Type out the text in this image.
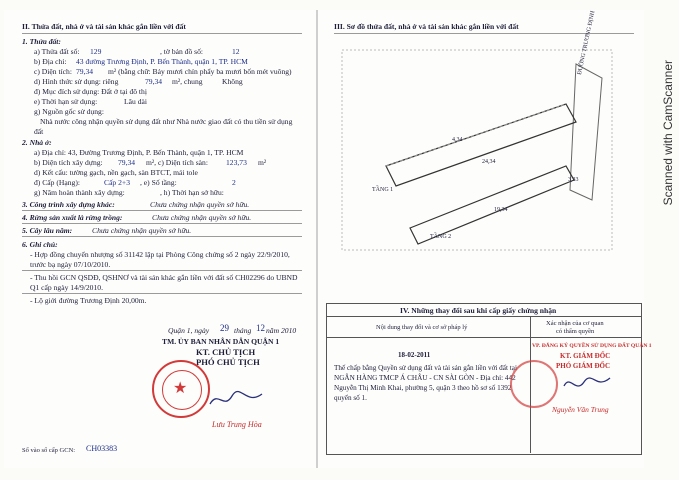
II. Thửa đất, nhà ở và tài sản khác gắn liền với đất
1. Thửa đất:
a) Thửa đất số: 129	, tờ bản đồ số:	12
b) Địa chỉ: 43 đường Trương Định, P. Bến Thành, quận 1, TP. HCM
c) Diện tích: 79,34 m² (bằng chữ: Bảy mươi chín phẩy ba mươi bốn mét vuông)
d) Hình thức sử dụng: riêng	79,34 m², chung	Không
đ) Mục đích sử dụng: Đất ở tại đô thị
e) Thời hạn sử dụng:	Lâu dài
g) Nguồn gốc sử dụng:
Nhà nước công nhận quyền sử dụng đất như Nhà nước giao đất có thu tiền sử dụng
đất
2. Nhà ở:
a) Địa chỉ: 43, Đường Trương Định, P. Bến Thành, quận 1, TP. HCM
b) Diện tích xây dựng: 79,34 m², c) Diện tích sàn: 123,73 m²
d) Kết cấu: tường gạch, nền gạch, sàn BTCT, mái tole
đ) Cấp (Hạng):	Cấp 2+3 , e) Số tầng:	2
g) Năm hoàn thành xây dựng:	, h) Thời hạn sở hữu:
3. Công trình xây dựng khác:	Chưa chứng nhận quyền sở hữu.
4. Rừng sản xuất là rừng trồng:	Chưa chứng nhận quyền sở hữu.
5. Cây lâu năm:	Chưa chứng nhận quyền sở hữu.
6. Ghi chú:
- Hợp đồng chuyển nhượng số 31142 lập tại Phòng Công chứng số 2 ngày 22/9/2010,
trước bạ ngày 07/10/2010.
- Thu hồi GCN QSDĐ, QSHNƠ và tài sản khác gắn liền với đất số CH02296 do UBND
Q1 cấp ngày 14/9/2010.
- Lộ giới đường Trương Định 20,00m.
Quận 1, ngày 29 tháng 12 năm 2010
TM. ỦY BAN NHÂN DÂN QUẬN 1
KT. CHỦ TỊCH
PHÓ CHỦ TỊCH
★
Lưu Trung Hòa
Số vào sổ cấp GCN: CH03383
III. Sơ đồ thửa đất, nhà ở và tài sản khác gắn liền với đất	ĐƯỜNG TRƯƠNG ĐỊNH
TẦNG 1
TẦNG 2
4,34
24,34
19,34
3,33
IV. Những thay đổi sau khi cấp giấy chứng nhận
Nội dung thay đổi và cơ sở pháp lý
Xác nhận của cơ quan
có thẩm quyền
18-02-2011
Thế chấp bằng Quyền sử dụng đất và tài sản gắn liền với đất tại
NGÂN HÀNG TMCP Á CHÂU - CN SÀI GÒN - Địa chỉ: 442
Nguyễn Thị Minh Khai, phường 5, quận 3 theo hồ sơ số 1392
quyển số 1.
VP. ĐĂNG KÝ QUYỀN SỬ DỤNG ĐẤT QUẬN 1
KT. GIÁM ĐỐC
PHÓ GIÁM ĐỐC
Nguyễn Văn Trung
Scanned with CamScanner
